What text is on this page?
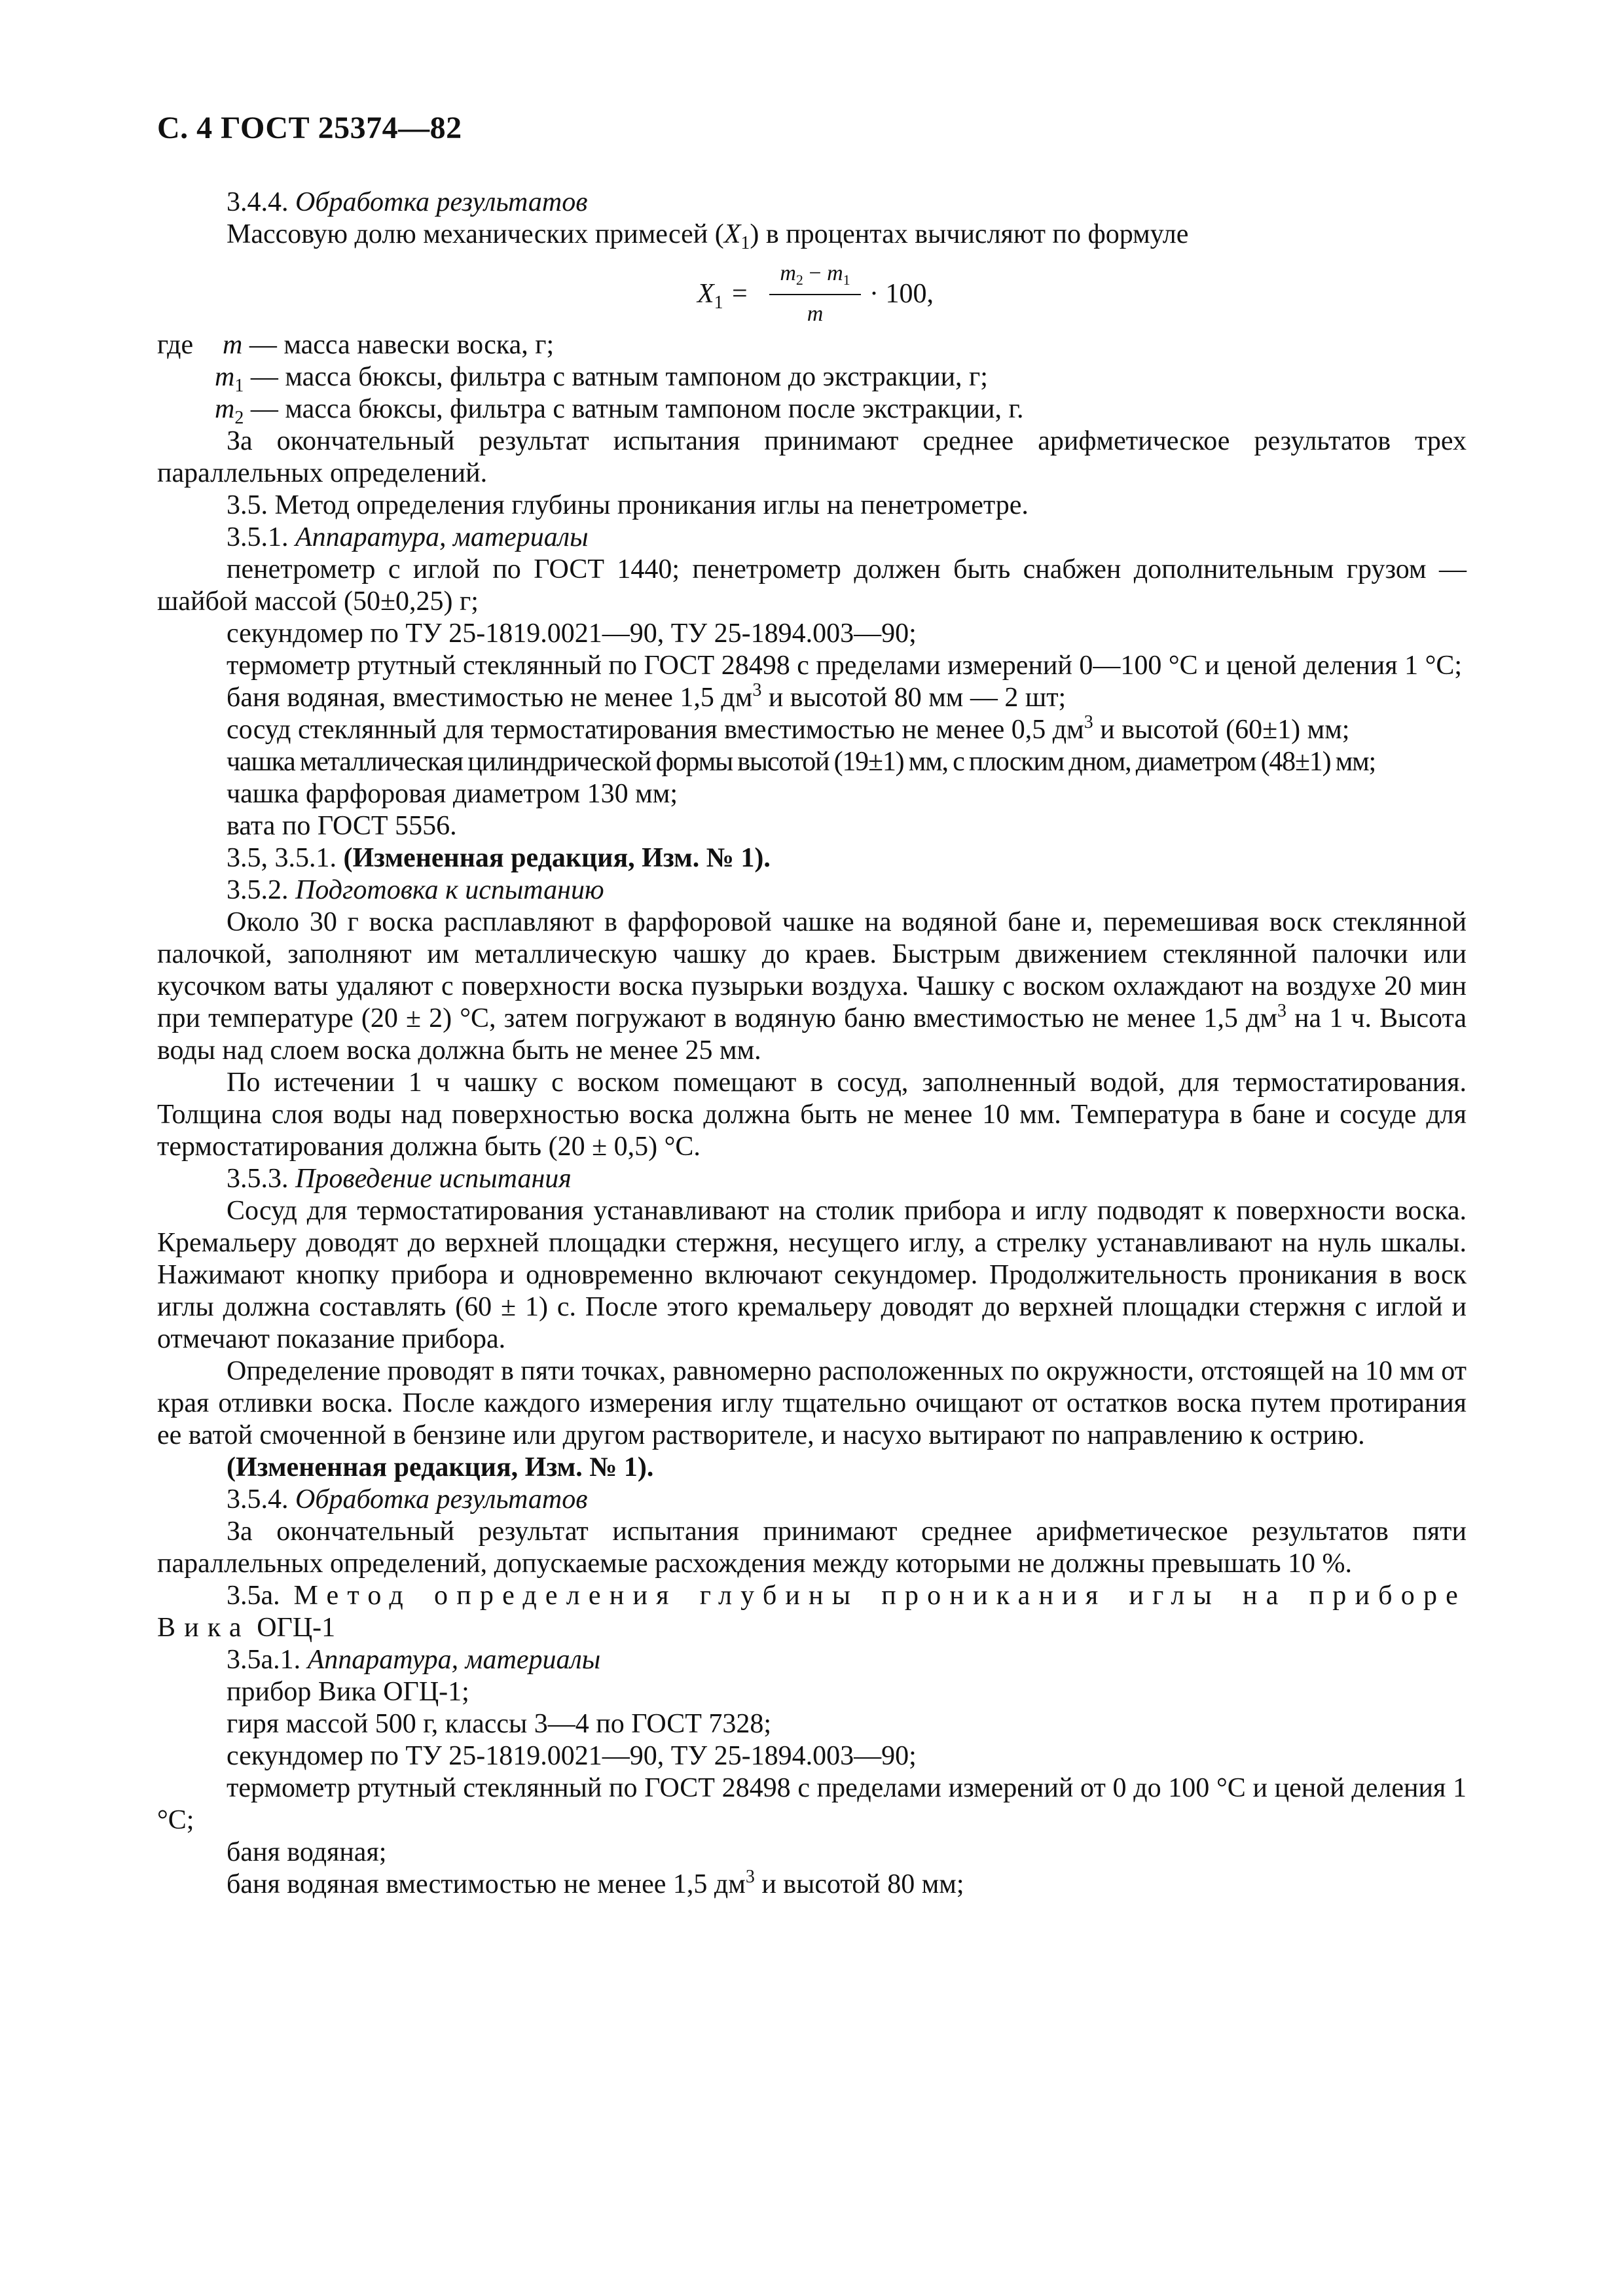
С. 4 ГОСТ 25374—82

3.4.4. Обработка результатов

Массовую долю механических примесей $(X_1)$ в процентах вычисляют по формуле

$X_1$ =
$m_2 - m_1$
m
· 100,

где m — масса навески воска, г;

$m_1$ — масса бюксы, фильтра с ватным тампоном до экстракции, г;

$m_2$ — масса бюксы, фильтра с ватным тампоном после экстракции, г.

За окончательный результат испытания принимают среднее арифметическое результатов трех параллельных определений.

3.5. Метод определения глубины проникания иглы на пенетрометре.

3.5.1. Аппаратура, материалы

пенетрометр с иглой по ГОСТ 1440; пенетрометр должен быть снабжен дополнительным грузом — шайбой массой (50±0,25) г;

секундомер по ТУ 25-1819.0021—90, ТУ 25-1894.003—90;

термометр ртутный стеклянный по ГОСТ 28498 с пределами измерений 0—100 °С и ценой деления 1 °С;

баня водяная, вместимостью не менее 1,5 $дм^3$ и высотой 80 мм — 2 шт;

сосуд стеклянный для термостатирования вместимостью не менее 0,5 $дм^3$ и высотой (60±1) мм;

чашка металлическая цилиндрической формы высотой (19±1) мм, с плоским дном, диаметром (48±1) мм;

чашка фарфоровая диаметром 130 мм;

вата по ГОСТ 5556.

3.5, 3.5.1. (Измененная редакция, Изм. № 1).

3.5.2. Подготовка к испытанию

Около 30 г воска расплавляют в фарфоровой чашке на водяной бане и, перемешивая воск стеклянной палочкой, заполняют им металлическую чашку до краев. Быстрым движением стеклянной палочки или кусочком ваты удаляют с поверхности воска пузырьки воздуха. Чашку с воском охлаждают на воздухе 20 мин при температуре (20 ± 2) °С, затем погружают в водяную баню вместимостью не менее 1,5 $дм^3$ на 1 ч. Высота воды над слоем воска должна быть не менее 25 мм.

По истечении 1 ч чашку с воском помещают в сосуд, заполненный водой, для термостатирования. Толщина слоя воды над поверхностью воска должна быть не менее 10 мм. Температура в бане и сосуде для термостатирования должна быть (20 ± 0,5) °С.

3.5.3. Проведение испытания

Сосуд для термостатирования устанавливают на столик прибора и иглу подводят к поверхности воска. Кремальеру доводят до верхней площадки стержня, несущего иглу, а стрелку устанавливают на нуль шкалы. Нажимают кнопку прибора и одновременно включают секундомер. Продолжительность проникания в воск иглы должна составлять (60 ± 1) с. После этого кремальеру доводят до верхней площадки стержня с иглой и отмечают показание прибора.

Определение проводят в пяти точках, равномерно расположенных по окружности, отстоящей на 10 мм от края отливки воска. После каждого измерения иглу тщательно очищают от остатков воска путем протирания ее ватой смоченной в бензине или другом растворителе, и насухо вытирают по направлению к острию.

(Измененная редакция, Изм. № 1).

3.5.4. Обработка результатов

За окончательный результат испытания принимают среднее арифметическое результатов пяти параллельных определений, допускаемые расхождения между которыми не должны превышать 10 %.

3.5а. Метод определения глубины проникания иглы на приборе Вика ОГЦ-1

3.5а.1. Аппаратура, материалы

прибор Вика ОГЦ-1;

гиря массой 500 г, классы 3—4 по ГОСТ 7328;

секундомер по ТУ 25-1819.0021—90, ТУ 25-1894.003—90;

термометр ртутный стеклянный по ГОСТ 28498 с пределами измерений от 0 до 100 °С и ценой деления 1 °С;

баня водяная;

баня водяная вместимостью не менее 1,5 $дм^3$ и высотой 80 мм;
